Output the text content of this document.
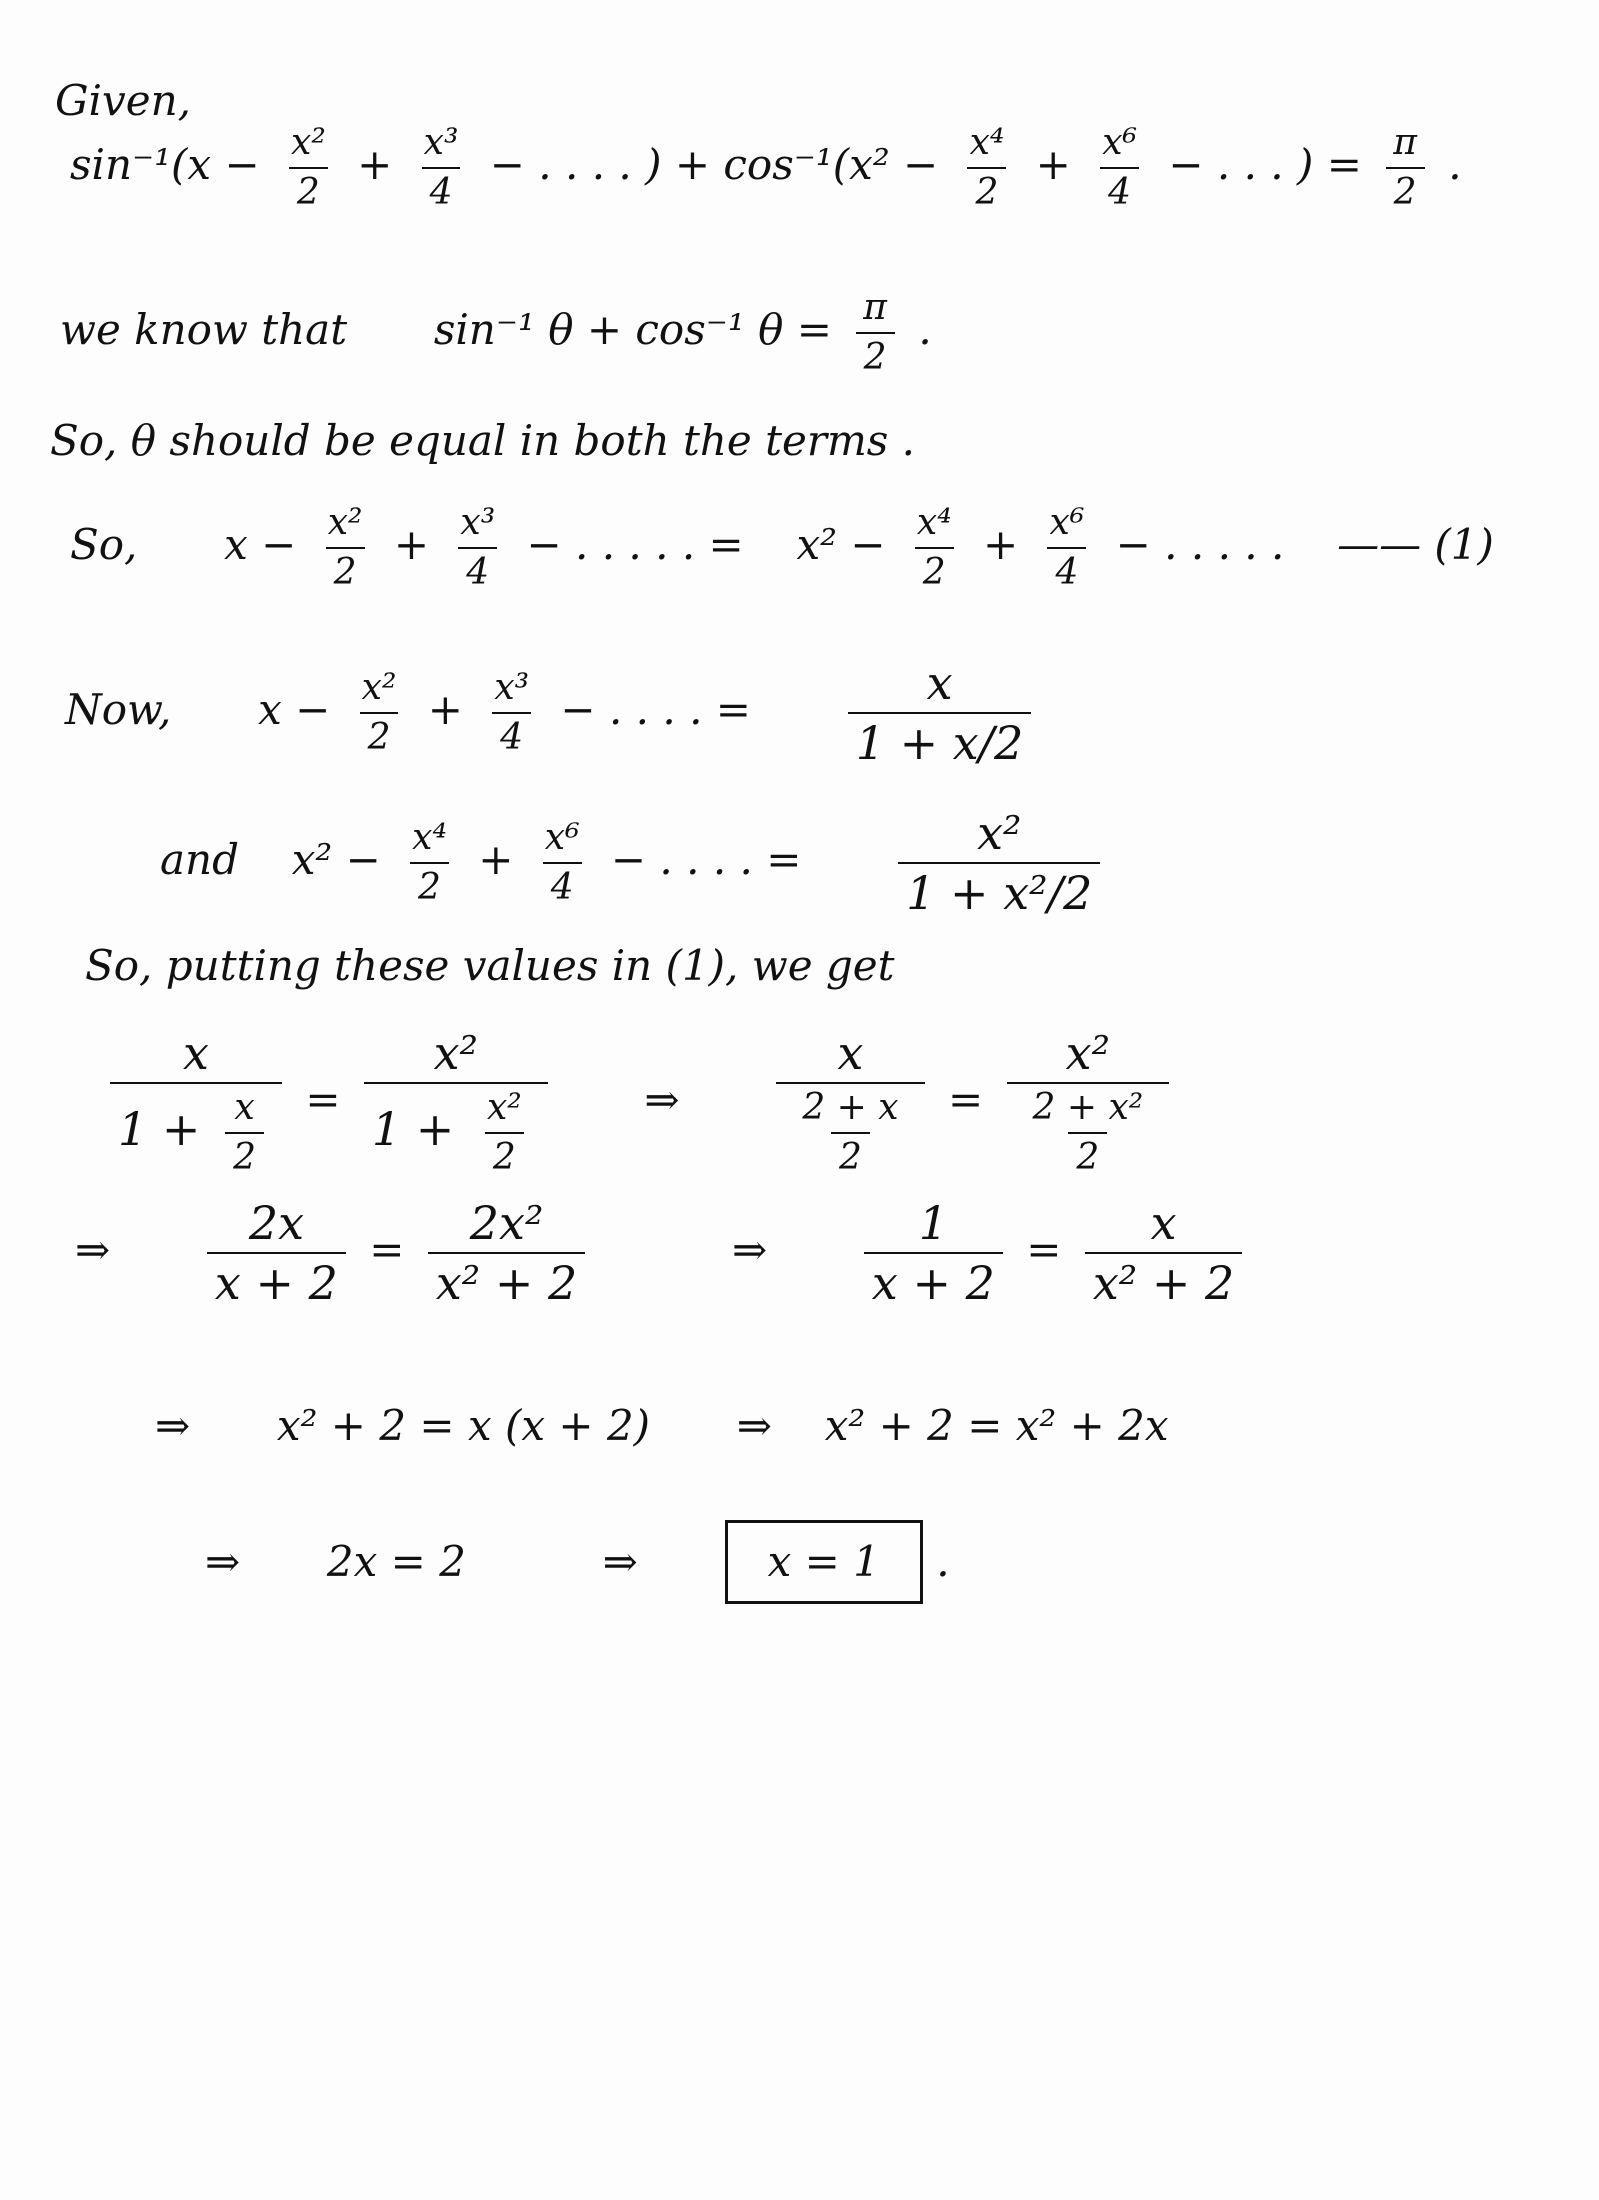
Given,
$\sin^{-1}(x - \frac{\text{x²}}{2} + \frac{\text{x³}}{4}$ − . . . . ) + $\cos^{-1}(x^2 - \frac{\text{x⁴}}{2} + \frac{\text{x⁶}}{4}$ − . . . ) = $\frac{\pi}{2}$ .
we know that sin⁻¹ θ + cos⁻¹ $\theta = \frac{\pi}{2}$ .
So, θ should be equal in both the terms .
So, $x - \frac{\text{x²}}{2} + \frac{\text{x³}}{4}$ − . . . . . = $x^2 - \frac{\text{x⁴}}{2} + \frac{\text{x⁶}}{4}$ − . . . . . —— (1)
Now, $x - \frac{\text{x²}}{2} + \frac{\text{x³}}{4}$ − . . . . = $\frac{x}{1 + x/2}$
and $x^2 - \frac{\text{x⁴}}{2} + \frac{\text{x⁶}}{4}$ − . . . . = $\frac{\text{x²}}{\text{1 + x²/2}}$
So, putting these values in (1), we get
$\frac{x}{1 + \frac{x}{2}} = \frac{\text{x²}}{1 + \frac{\text{x²}}{2}}$ ⇒ $\frac{x}{\frac{2 + x}{2}} = \frac{\text{x²}}{\frac{\text{2 + x²}}{2}}$
⇒ $\frac{2x}{x + 2} = \frac{\text{2x²}}{\text{x² + 2}}$	⇒ $\frac{1}{x + 2} = \frac{x}{\text{x² + 2}}$
⇒ x² + 2 = x (x + 2) ⇒ x² + 2 = x² + 2x
⇒ 2x = 2	⇒	x = 1 .
